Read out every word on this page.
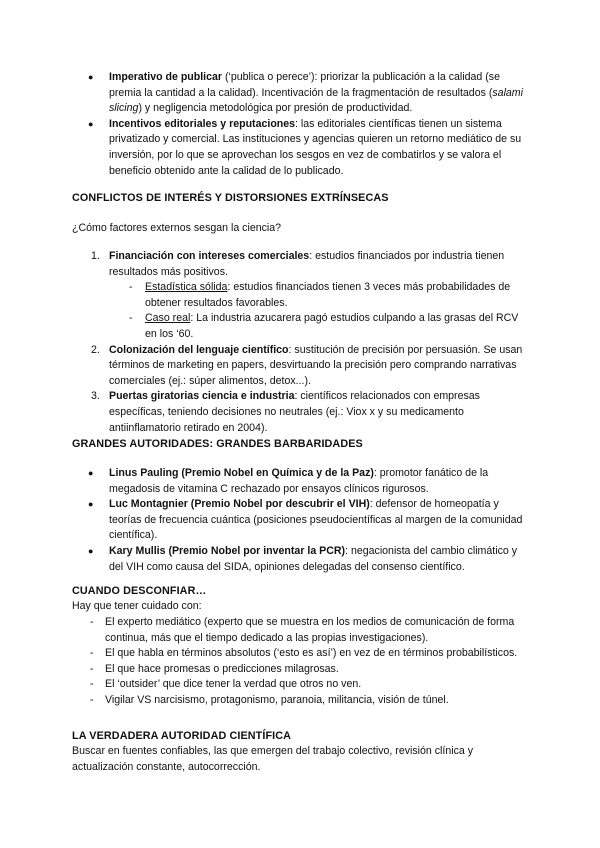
● Imperativo de publicar (‘publica o perece’): priorizar la publicación a la calidad (se premia la cantidad a la calidad). Incentivación de la fragmentación de resultados (salami slicing) y negligencia metodológica por presión de productividad.
● Incentivos editoriales y reputaciones: las editoriales científicas tienen un sistema privatizado y comercial. Las instituciones y agencias quieren un retorno mediático de su inversión, por lo que se aprovechan los sesgos en vez de combatirlos y se valora el beneficio obtenido ante la calidad de lo publicado.

CONFLICTOS DE INTERÉS Y DISTORSIONES EXTRÍNSECAS

¿Cómo factores externos sesgan la ciencia?

1. Financiación con intereses comerciales: estudios financiados por industria tienen resultados más positivos.
- Estadística sólida: estudios financiados tienen 3 veces más probabilidades de obtener resultados favorables.
- Caso real: La industria azucarera pagó estudios culpando a las grasas del RCV en los ‘60.
2. Colonización del lenguaje científico: sustitución de precisión por persuasión. Se usan términos de marketing en papers, desvirtuando la precisión pero comprando narrativas comerciales (ej.: súper alimentos, detox...).
3. Puertas giratorias ciencia e industria: científicos relacionados con empresas específicas, teniendo decisiones no neutrales (ej.: Viox x y su medicamento antiinflamatorio retirado en 2004).

GRANDES AUTORIDADES: GRANDES BARBARIDADES

● Linus Pauling (Premio Nobel en Química y de la Paz): promotor fanático de la megadosis de vitamina C rechazado por ensayos clínicos rigurosos.
● Luc Montagnier (Premio Nobel por descubrir el VIH): defensor de homeopatía y teorías de frecuencia cuántica (posiciones pseudocientíficas al margen de la comunidad científica).
● Kary Mullis (Premio Nobel por inventar la PCR): negacionista del cambio climático y del VIH como causa del SIDA, opiniones delegadas del consenso científico.

CUANDO DESCONFIAR…

Hay que tener cuidado con:

- El experto mediático (experto que se muestra en los medios de comunicación de forma continua, más que el tiempo dedicado a las propias investigaciones).
- El que habla en términos absolutos (‘esto es así’) en vez de en términos probabilísticos.
- El que hace promesas o predicciones milagrosas.
- El ‘outsider’ que dice tener la verdad que otros no ven.
- Vigilar VS narcisismo, protagonismo, paranoia, militancia, visión de túnel.

LA VERDADERA AUTORIDAD CIENTÍFICA

Buscar en fuentes confiables, las que emergen del trabajo colectivo, revisión clínica y actualización constante, autocorrección.
